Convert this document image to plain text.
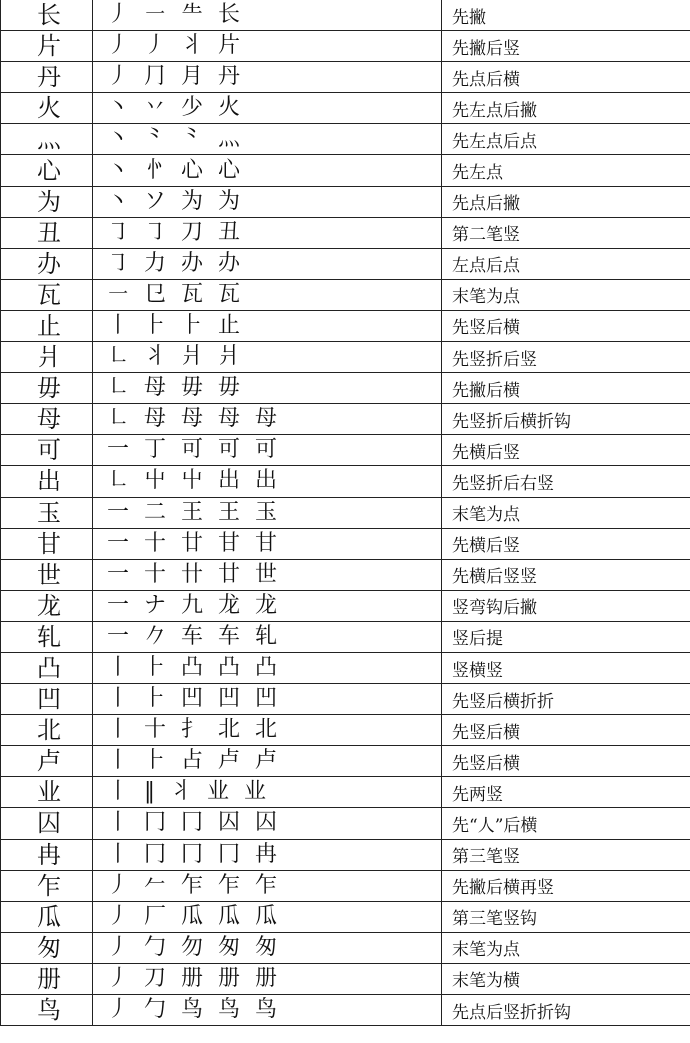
长	丿 ㇐ ⺧ 长	先撇
片	丿 丿 ⺦ 片	先撇后竖
丹	丿 ⺆ 月 丹	先点后横
火	丶 丷 少 火	先左点后撇
灬	丶 ⺀ ⺀ 灬	先左点后点
心	丶 㣺 心 心	先左点
为	丶 ソ 为 为	先点后撇
丑	㇆ ㇆ 刀 丑	第二笔竖
办	㇆ 力 办 办	左点后点
瓦	㇐ 㔾 瓦 瓦	末笔为点
止	丨 ⺊ ⺊ 止	先竖后横
爿	㇗ 丬 爿 爿	先竖折后竖
毋	㇗ 母 毋 毋	先撇后横
母	㇗ 母 母 母 母	先竖折后横折钩
可	一 丁 可 可 可	先横后竖
出	㇗ 屮 屮 出 出	先竖折后右竖
玉	一 二 王 王 玉	末笔为点
甘	一 十 廿 甘 甘	先横后竖
世	一 十 卄 廿 世	先横后竖竖
龙	一 ナ 九 龙 龙	竖弯钩后撇
轧	一 𠂊 车 车 轧	竖后提
凸	丨 ⺊ 凸 凸 凸	竖横竖
凹	丨 ⺊ 凹 凹 凹	先竖后横折折
北	丨 十 扌 北 北	先竖后横
卢	丨 ⺊ 占 卢 卢	先竖后横
业	丨 ‖ 丬 业 业	先两竖
囚	丨 冂 冂 囚 囚	先“人”后横
冉	丨 冂 冂 冂 冉	第三笔竖
乍	丿 𠂉 乍 乍 乍	先撇后横再竖
瓜	丿 厂 瓜 瓜 瓜	第三笔竖钩
匆	丿 勹 勿 匆 匆	末笔为点
册	丿 刀 册 册 册	末笔为横
鸟	丿 勹 鸟 鸟 鸟	先点后竖折折钩
